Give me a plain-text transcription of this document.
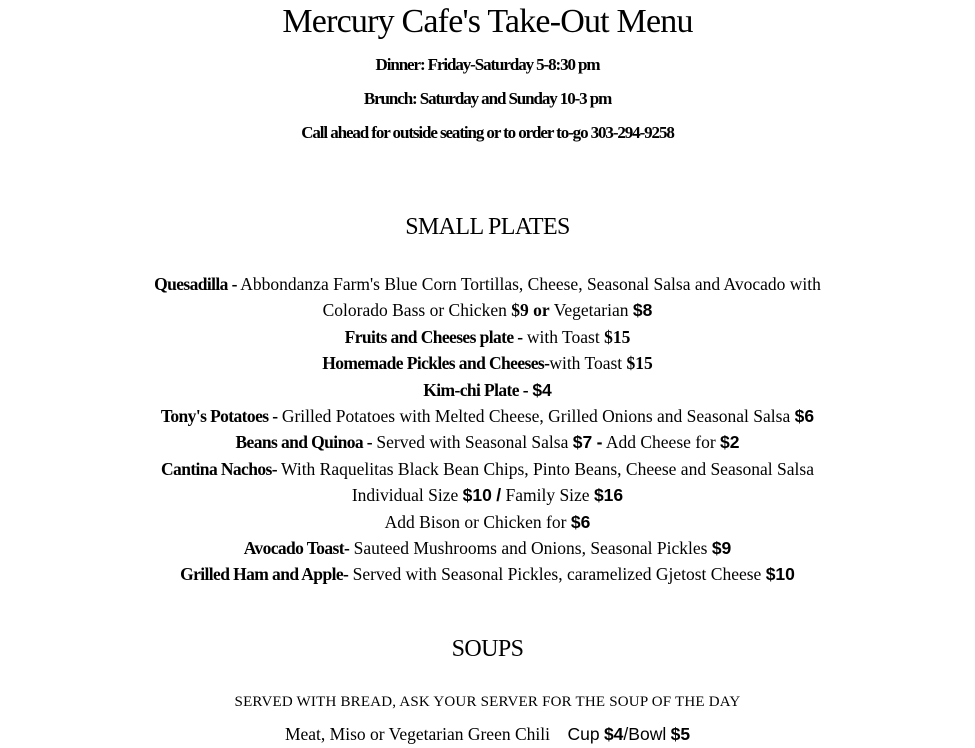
Mercury Cafe's Take-Out Menu
Dinner: Friday-Saturday 5-8:30 pm
Brunch: Saturday and Sunday 10-3 pm
Call ahead for outside seating or to order to-go 303-294-9258
SMALL PLATES
Quesadilla - Abbondanza Farm's Blue Corn Tortillas, Cheese, Seasonal Salsa and Avocado with
Colorado Bass or Chicken $9 or Vegetarian $8
Fruits and Cheeses plate - with Toast $15
Homemade Pickles and Cheeses-with Toast $15
Kim-chi Plate - $4
Tony's Potatoes - Grilled Potatoes with Melted Cheese, Grilled Onions and Seasonal Salsa $6
Beans and Quinoa - Served with Seasonal Salsa $7 - Add Cheese for $2
Cantina Nachos- With Raquelitas Black Bean Chips, Pinto Beans, Cheese and Seasonal Salsa
Individual Size $10 / Family Size $16
Add Bison or Chicken for $6
Avocado Toast- Sauteed Mushrooms and Onions, Seasonal Pickles $9
Grilled Ham and Apple- Served with Seasonal Pickles, caramelized Gjetost Cheese $10
SOUPS
SERVED WITH BREAD, ASK YOUR SERVER FOR THE SOUP OF THE DAY
Meat, Miso or Vegetarian Green Chili Cup $4/Bowl $5
